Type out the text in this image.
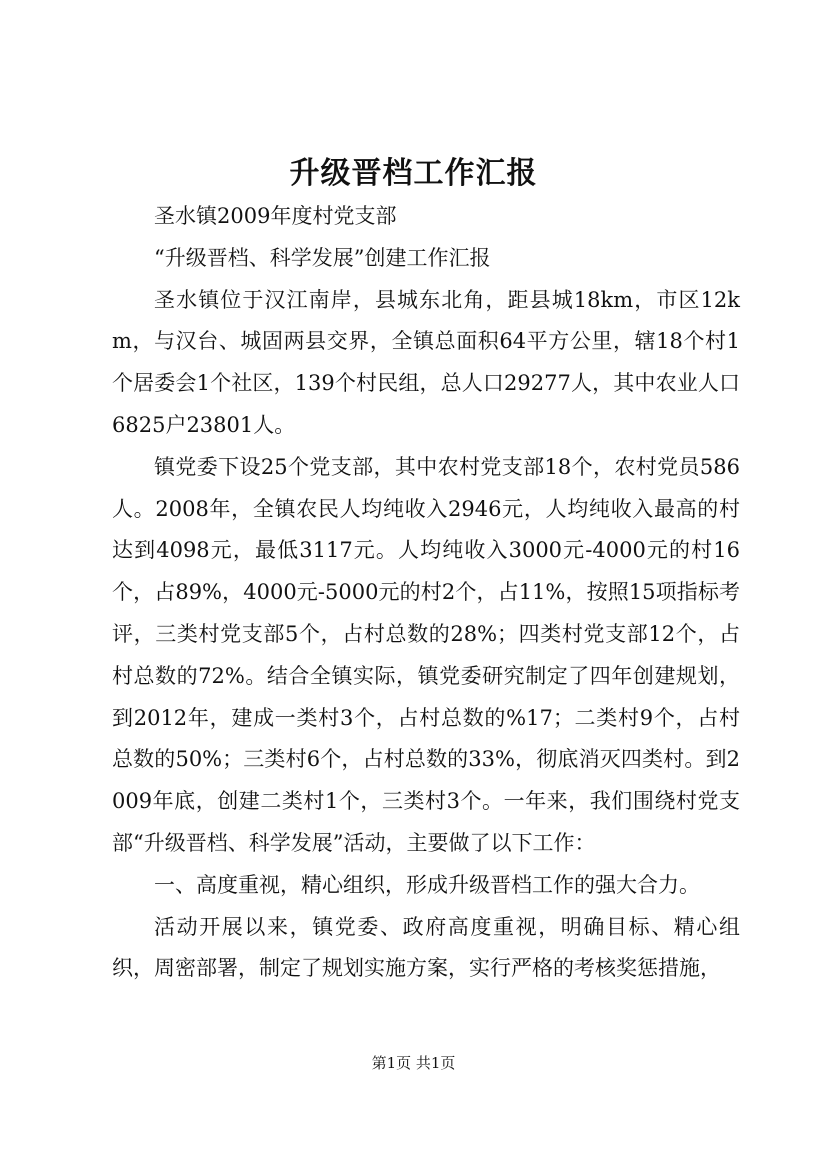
升级晋档工作汇报

圣水镇2009年度村党支部

“升级晋档、科学发展”创建工作汇报

圣水镇位于汉江南岸，县城东北角，距县城18km，市区12km，与汉台、城固两县交界，全镇总面积64平方公里，辖18个村1个居委会1个社区，139个村民组，总人口29277人，其中农业人口6825户23801人。

镇党委下设25个党支部，其中农村党支部18个，农村党员586人。2008年，全镇农民人均纯收入2946元，人均纯收入最高的村达到4098元，最低3117元。人均纯收入3000元-4000元的村16个，占89%，4000元-5000元的村2个，占11%，按照15项指标考评，三类村党支部5个，占村总数的28%；四类村党支部12个，占村总数的72%。结合全镇实际，镇党委研究制定了四年创建规划，到2012年，建成一类村3个，占村总数的%17；二类村9个，占村总数的50%；三类村6个，占村总数的33%，彻底消灭四类村。到2009年底，创建二类村1个，三类村3个。一年来，我们围绕村党支部“升级晋档、科学发展”活动，主要做了以下工作：

一、高度重视，精心组织，形成升级晋档工作的强大合力。

活动开展以来，镇党委、政府高度重视，明确目标、精心组织，周密部署，制定了规划实施方案，实行严格的考核奖惩措施，

第1页 共1页
